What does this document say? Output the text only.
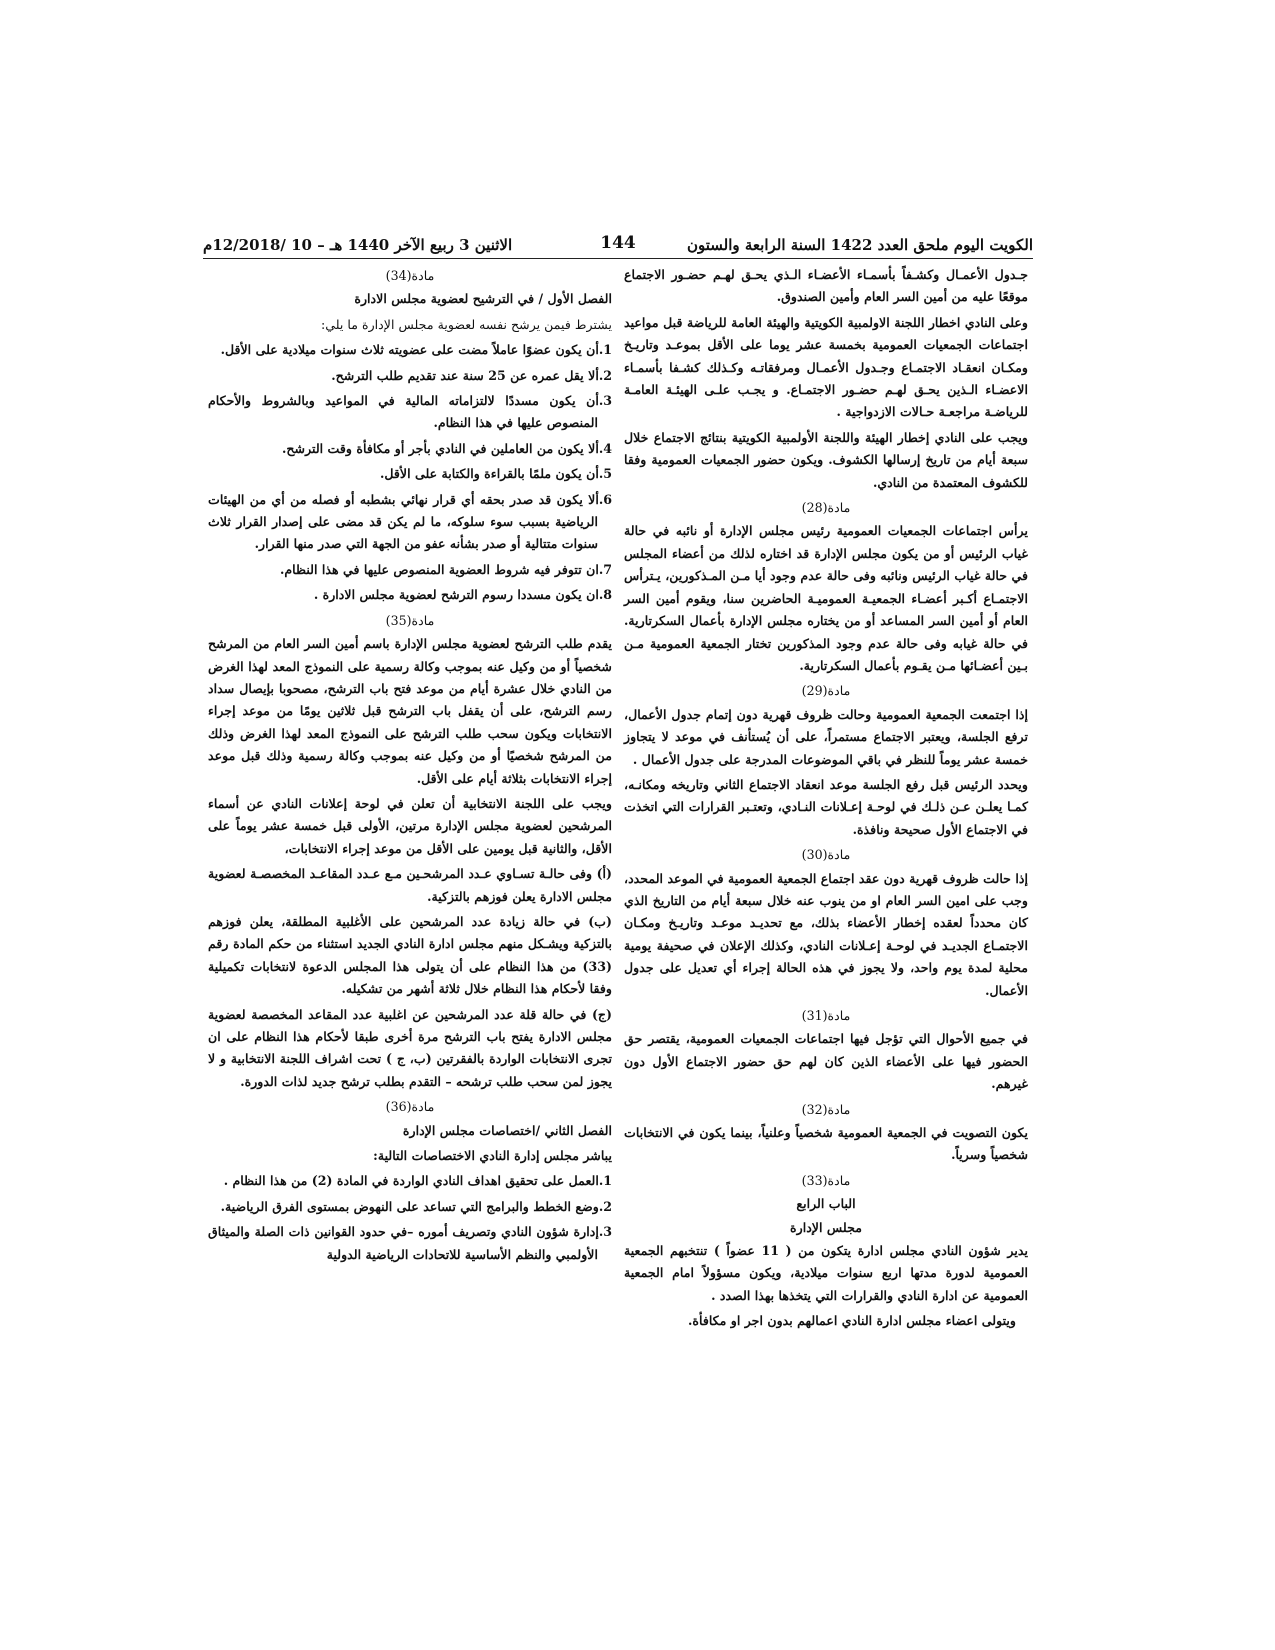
الكويت اليوم ملحق العدد 1422 السنة الرابعة والستون
144
الاثنين 3 ربيع الآخر 1440 هـ – 10 /12/2018م

جـدول الأعمـال وكشـفاً بأسمـاء الأعضـاء الـذي يحـق لهـم حضـور الاجتماع موقعًا عليه من أمين السر العام وأمين الصندوق.

وعلى النادي اخطار اللجنة الاولمبية الكويتية والهيئة العامة للرياضة قبل مواعيد اجتماعات الجمعيات العمومية بخمسة عشر يوما على الأقل بموعـد وتاريـخ ومكـان انعقـاد الاجتمـاع وجـدول الأعمـال ومرفقاتـه وكـذلك كشـفا بأسمـاء الاعضـاء الـذين يحـق لهـم حضـور الاجتمـاع. و يجـب علـى الهيئـة العامـة للرياضـة مراجعـة حـالات الازدواجية .

ويجب على النادي إخطار الهيئة واللجنة الأولمبية الكويتية بنتائج الاجتماع خلال سبعة أيام من تاريخ إرسالها الكشوف. ويكون حضور الجمعيات العمومية وفقا للكشوف المعتمدة من النادي.

مادة(28)

يرأس اجتماعات الجمعيات العمومية رئيس مجلس الإدارة أو نائبه في حالة غياب الرئيس أو من يكون مجلس الإدارة قد اختاره لذلك من أعضاء المجلس في حالة غياب الرئيس ونائبه وفى حالة عدم وجود أيا مـن المـذكورين، يـترأس الاجتمـاع أكـبر أعضـاء الجمعيـة العموميـة الحاضرين سنا، ويقوم أمين السر العام أو أمين السر المساعد أو من يختاره مجلس الإدارة بأعمال السكرتارية. في حالة غيابه وفى حالة عدم وجود المذكورين تختار الجمعية العمومية مـن بـين أعضـائها مـن يقـوم بأعمال السكرتارية.

مادة(29)

إذا اجتمعت الجمعية العمومية وحالت ظروف قهرية دون إتمام جدول الأعمال، ترفع الجلسة، ويعتبر الاجتماع مستمراً، على أن يُستأنف في موعد لا يتجاوز خمسة عشر يوماً للنظر في باقي الموضوعات المدرجة على جدول الأعمال .

ويحدد الرئيس قبل رفع الجلسة موعد انعقاد الاجتماع الثاني وتاريخه ومكانـه، كمـا يعلـن عـن ذلـك في لوحـة إعـلانات النـادي، وتعتـبر القرارات التي اتخذت في الاجتماع الأول صحيحة ونافذة.

مادة(30)

إذا حالت ظروف قهرية دون عقد اجتماع الجمعية العمومية في الموعد المحدد، وجب على امين السر العام او من ينوب عنه خلال سبعة أيام من التاريخ الذي كان محدداً لعقده إخطار الأعضاء بذلك، مع تحديـد موعـد وتاريـخ ومكـان الاجتمـاع الجديـد في لوحـة إعـلانات النادي، وكذلك الإعلان في صحيفة يومية محلية لمدة يوم واحد، ولا يجوز في هذه الحالة إجراء أي تعديل على جدول الأعمال.

مادة(31)

في جميع الأحوال التي تؤجل فيها اجتماعات الجمعيات العمومية، يقتصر حق الحضور فيها على الأعضاء الذين كان لهم حق حضور الاجتماع الأول دون غيرهم.

مادة(32)

يكون التصويت في الجمعية العمومية شخصياً وعلنياً، بينما يكون في الانتخابات شخصياً وسرياً.

مادة(33)

الباب الرابع

مجلس الإدارة

يدير شؤون النادي مجلس ادارة يتكون من ( 11 عضواً ) تنتخبهم الجمعية العمومية لدورة مدتها اربع سنوات ميلادية، ويكون مسؤولاً امام الجمعية العمومية عن ادارة النادي والقرارات التي يتخذها بهذا الصدد .

ويتولى اعضاء مجلس ادارة النادي اعمالهم بدون اجر او مكافأة.

مادة(34)

الفصل الأول / في الترشيح لعضوية مجلس الادارة

يشترط فيمن يرشح نفسه لعضوية مجلس الإدارة ما يلي:

1.أن يكون عضوًا عاملاً مضت على عضويته ثلاث سنوات ميلادية على الأقل.

2.ألا يقل عمره عن 25 سنة عند تقديم طلب الترشح.

3.أن يكون مسددًا لالتزاماته المالية في المواعيد وبالشروط والأحكام المنصوص عليها في هذا النظام.

4.ألا يكون من العاملين في النادي بأجر أو مكافأة وقت الترشح.

5.أن يكون ملمًا بالقراءة والكتابة على الأقل.

6.ألا يكون قد صدر بحقه أي قرار نهائي بشطبه أو فصله من أي من الهيئات الرياضية بسبب سوء سلوكه، ما لم يكن قد مضى على إصدار القرار ثلاث سنوات متتالية أو صدر بشأنه عفو من الجهة التي صدر منها القرار.

7.ان تتوفر فيه شروط العضوية المنصوص عليها في هذا النظام.

8.ان يكون مسددا رسوم الترشح لعضوية مجلس الادارة .

مادة(35)

يقدم طلب الترشح لعضوية مجلس الإدارة باسم أمين السر العام من المرشح شخصياً أو من وكيل عنه بموجب وكالة رسمية على النموذج المعد لهذا الغرض من النادي خلال عشرة أيام من موعد فتح باب الترشح، مصحوبا بإيصال سداد رسم الترشح، على أن يقفل باب الترشح قبل ثلاثين يومًا من موعد إجراء الانتخابات ويكون سحب طلب الترشح على النموذج المعد لهذا الغرض وذلك من المرشح شخصيًا أو من وكيل عنه بموجب وكالة رسمية وذلك قبل موعد إجراء الانتخابات بثلاثة أيام على الأقل.

ويجب على اللجنة الانتخابية أن تعلن في لوحة إعلانات النادي عن أسماء المرشحين لعضوية مجلس الإدارة مرتين، الأولى قبل خمسة عشر يوماً على الأقل، والثانية قبل يومين على الأقل من موعد إجراء الانتخابات،

(أ) وفى حالـة تسـاوي عـدد المرشحـين مـع عـدد المقاعـد المخصصـة لعضوية مجلس الادارة يعلن فوزهم بالتزكية.

(ب) في حالة زيادة عدد المرشحين على الأغلبية المطلقة، يعلن فوزهم بالتزكية ويشـكل منهم مجلس ادارة النادي الجديد استثناء من حكم المادة رقم (33) من هذا النظام على أن يتولى هذا المجلس الدعوة لانتخابات تكميلية وفقا لأحكام هذا النظام خلال ثلاثة أشهر من تشكيله.

(ج) في حالة قلة عدد المرشحين عن اغلبية عدد المقاعد المخصصة لعضوية مجلس الادارة يفتح باب الترشح مرة أخرى طبقا لأحكام هذا النظام على ان تجرى الانتخابات الواردة بالفقرتين (ب، ج ) تحت اشراف اللجنة الانتخابية و لا يجوز لمن سحب طلب ترشحه – التقدم بطلب ترشح جديد لذات الدورة.

مادة(36)

الفصل الثاني /اختصاصات مجلس الإدارة

يباشر مجلس إدارة النادي الاختصاصات التالية:

1.العمل على تحقيق اهداف النادي الواردة في المادة (2) من هذا النظام .

2.وضع الخطط والبرامج التي تساعد على النهوض بمستوى الفرق الرياضية.

3.إدارة شؤون النادي وتصريف أموره –في حدود القوانين ذات الصلة والميثاق الأولمبي والنظم الأساسية للاتحادات الرياضية الدولية
